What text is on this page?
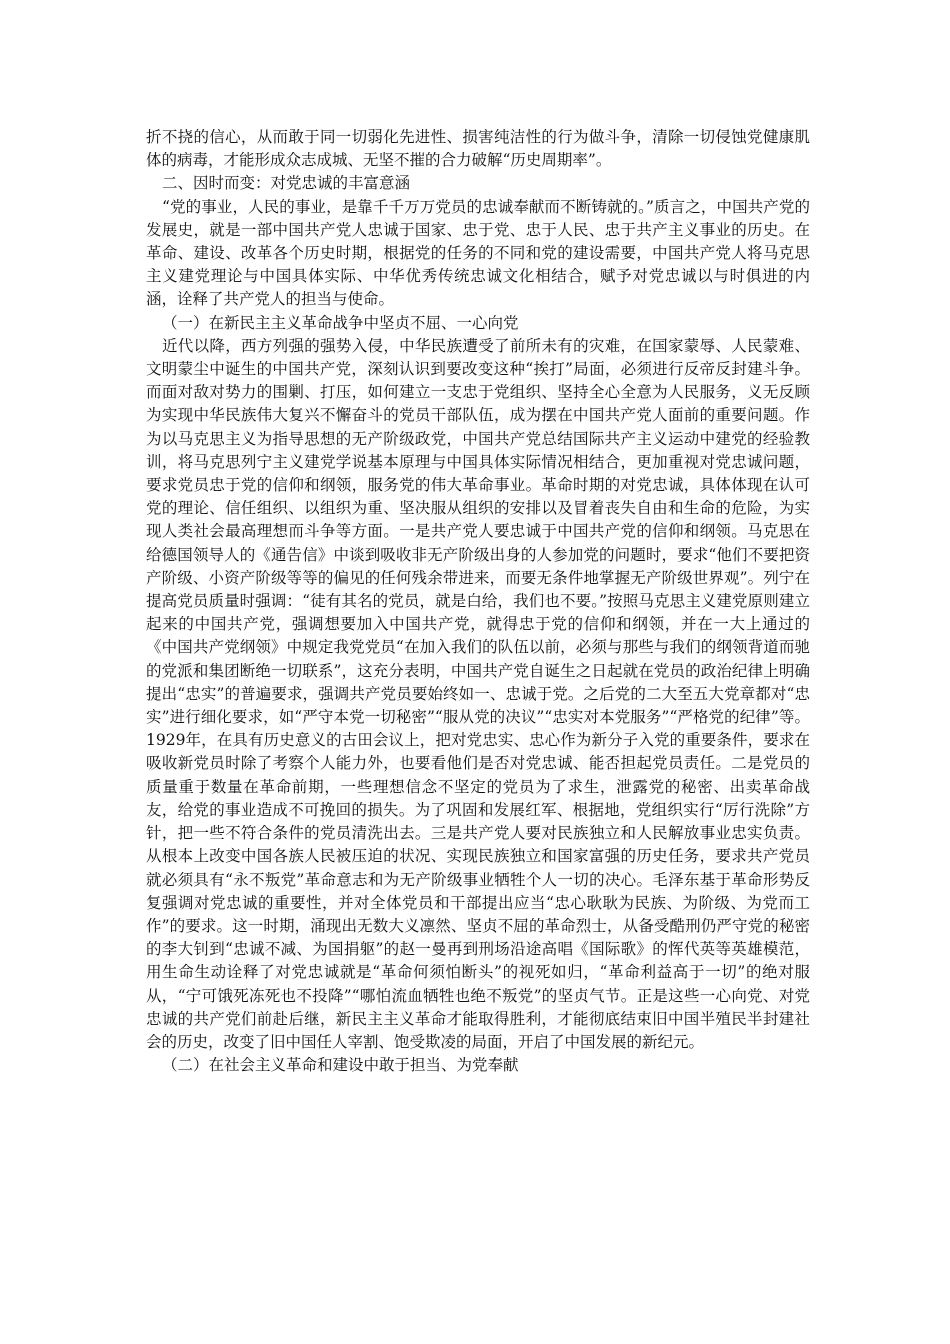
折不挠的信心，从而敢于同一切弱化先进性、损害纯洁性的行为做斗争，清除一切侵蚀党健康肌体的病毒，才能形成众志成城、无坚不摧的合力破解“历史周期率”。

二、因时而变：对党忠诚的丰富意涵

“党的事业，人民的事业，是靠千千万万党员的忠诚奉献而不断铸就的。”质言之，中国共产党的发展史，就是一部中国共产党人忠诚于国家、忠于党、忠于人民、忠于共产主义事业的历史。在革命、建设、改革各个历史时期，根据党的任务的不同和党的建设需要，中国共产党人将马克思主义建党理论与中国具体实际、中华优秀传统忠诚文化相结合，赋予对党忠诚以与时俱进的内涵，诠释了共产党人的担当与使命。

（一）在新民主主义革命战争中坚贞不屈、一心向党

近代以降，西方列强的强势入侵，中华民族遭受了前所未有的灾难，在国家蒙辱、人民蒙难、文明蒙尘中诞生的中国共产党，深刻认识到要改变这种“挨打”局面，必须进行反帝反封建斗争。而面对敌对势力的围剿、打压，如何建立一支忠于党组织、坚持全心全意为人民服务，义无反顾为实现中华民族伟大复兴不懈奋斗的党员干部队伍，成为摆在中国共产党人面前的重要问题。作为以马克思主义为指导思想的无产阶级政党，中国共产党总结国际共产主义运动中建党的经验教训，将马克思列宁主义建党学说基本原理与中国具体实际情况相结合，更加重视对党忠诚问题，要求党员忠于党的信仰和纲领，服务党的伟大革命事业。革命时期的对党忠诚，具体体现在认可党的理论、信任组织、以组织为重、坚决服从组织的安排以及冒着丧失自由和生命的危险，为实现人类社会最高理想而斗争等方面。一是共产党人要忠诚于中国共产党的信仰和纲领。马克思在给德国领导人的《通告信》中谈到吸收非无产阶级出身的人参加党的问题时，要求“他们不要把资产阶级、小资产阶级等等的偏见的任何残余带进来，而要无条件地掌握无产阶级世界观”。列宁在提高党员质量时强调：“徒有其名的党员，就是白给，我们也不要。”按照马克思主义建党原则建立起来的中国共产党，强调想要加入中国共产党，就得忠于党的信仰和纲领，并在一大上通过的《中国共产党纲领》中规定我党党员“在加入我们的队伍以前，必须与那些与我们的纲领背道而驰的党派和集团断绝一切联系”，这充分表明，中国共产党自诞生之日起就在党员的政治纪律上明确提出“忠实”的普遍要求，强调共产党员要始终如一、忠诚于党。之后党的二大至五大党章都对“忠实”进行细化要求，如“严守本党一切秘密”“服从党的决议”“忠实对本党服务”“严格党的纪律”等。1929年，在具有历史意义的古田会议上，把对党忠实、忠心作为新分子入党的重要条件，要求在吸收新党员时除了考察个人能力外，也要看他们是否对党忠诚、能否担起党员责任。二是党员的质量重于数量在革命前期，一些理想信念不坚定的党员为了求生，泄露党的秘密、出卖革命战友，给党的事业造成不可挽回的损失。为了巩固和发展红军、根据地，党组织实行“厉行洗除”方针，把一些不符合条件的党员清洗出去。三是共产党人要对民族独立和人民解放事业忠实负责。从根本上改变中国各族人民被压迫的状况、实现民族独立和国家富强的历史任务，要求共产党员就必须具有“永不叛党”革命意志和为无产阶级事业牺牲个人一切的决心。毛泽东基于革命形势反复强调对党忠诚的重要性，并对全体党员和干部提出应当“忠心耿耿为民族、为阶级、为党而工作”的要求。这一时期，涌现出无数大义凛然、坚贞不屈的革命烈士，从备受酷刑仍严守党的秘密的李大钊到“忠诚不减、为国捐躯”的赵一曼再到刑场沿途高唱《国际歌》的恽代英等英雄模范，用生命生动诠释了对党忠诚就是“革命何须怕断头”的视死如归，“革命利益高于一切”的绝对服从，“宁可饿死冻死也不投降”“哪怕流血牺牲也绝不叛党”的坚贞气节。正是这些一心向党、对党忠诚的共产党们前赴后继，新民主主义革命才能取得胜利，才能彻底结束旧中国半殖民半封建社会的历史，改变了旧中国任人宰割、饱受欺凌的局面，开启了中国发展的新纪元。

（二）在社会主义革命和建设中敢于担当、为党奉献
